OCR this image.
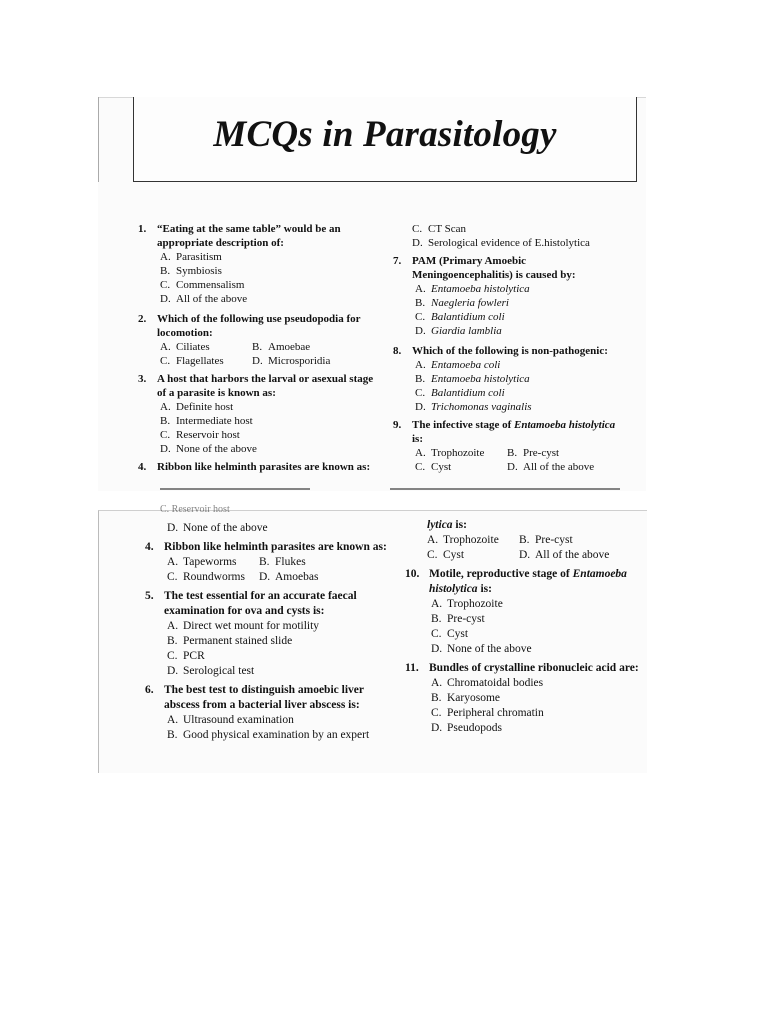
MCQs in Parasitology
1. “Eating at the same table” would be an appropriate description of:
A. Parasitism
B. Symbiosis
C. Commensalism
D. All of the above
2. Which of the following use pseudopodia for locomotion:
A. Ciliates	B. Amoebae
C. Flagellates	D. Microsporidia
3. A host that harbors the larval or asexual stage of a parasite is known as:
A. Definite host
B. Intermediate host
C. Reservoir host
D. None of the above
4. Ribbon like helminth parasites are known as:
C. CT Scan
D. Serological evidence of E.histolytica
7. PAM (Primary Amoebic Meningoencephalitis) is caused by:
A. Entamoeba histolytica
B. Naegleria fowleri
C. Balantidium coli
D. Giardia lamblia
8. Which of the following is non-pathogenic:
A. Entamoeba coli
B. Entamoeba histolytica
C. Balantidium coli
D. Trichomonas vaginalis
9. The infective stage of Entamoeba histolytica is:
A. Trophozoite B. Pre-cyst
C. Cyst	D. All of the above
C. Reservoir host
D. None of the above
4. Ribbon like helminth parasites are known as:
A. Tapeworms B. Flukes
C. Roundworms D. Amoebas
5. The test essential for an accurate faecal examination for ova and cysts is:
A. Direct wet mount for motility
B. Permanent stained slide
C. PCR
D. Serological test
6. The best test to distinguish amoebic liver abscess from a bacterial liver abscess is:
A. Ultrasound examination
B. Good physical examination by an expert
lytica is:
A. Trophozoite B. Pre-cyst
C. Cyst	D. All of the above
10. Motile, reproductive stage of Entamoeba histolytica is:
A. Trophozoite
B. Pre-cyst
C. Cyst
D. None of the above
11. Bundles of crystalline ribonucleic acid are:
A. Chromatoidal bodies
B. Karyosome
C. Peripheral chromatin
D. Pseudopods
